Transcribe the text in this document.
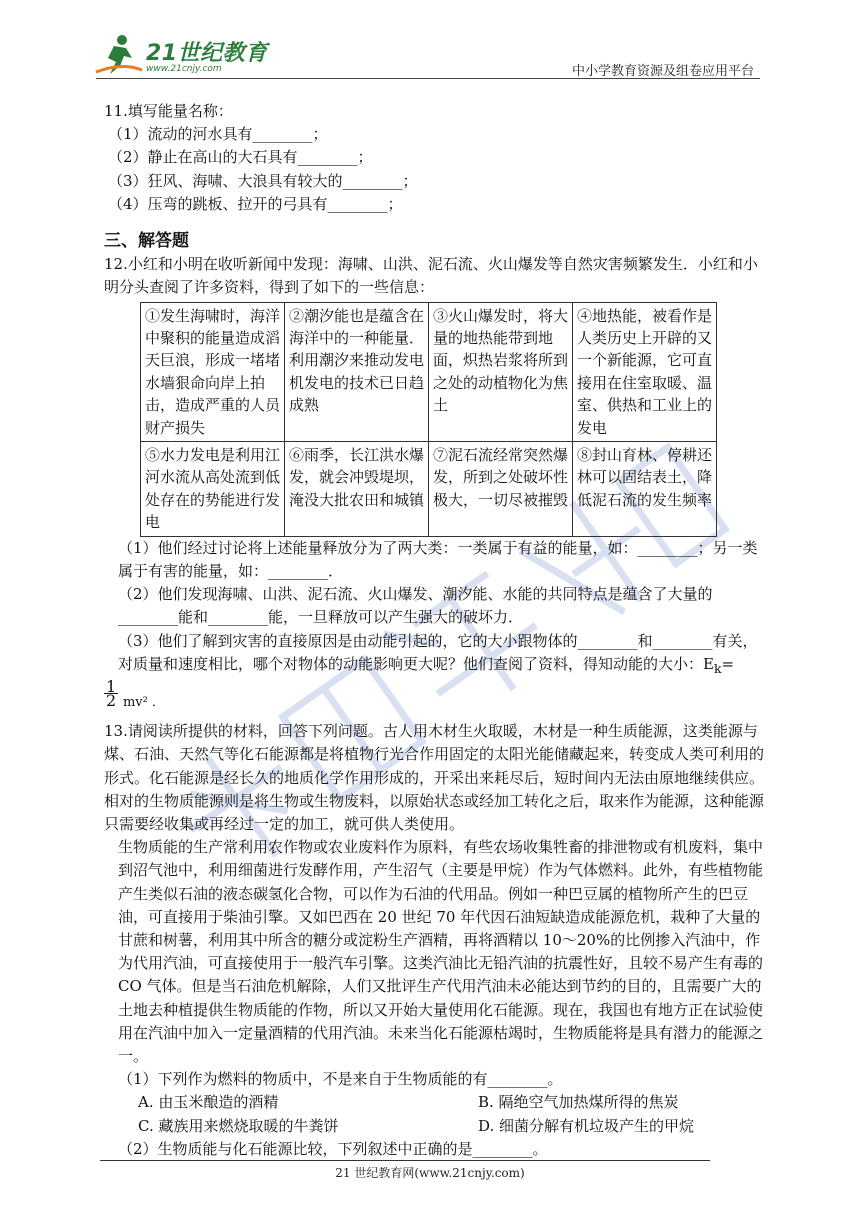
21世纪教育
www.21cnjy.com	中小学教育资源及组卷应用平台

11.填写能量名称：

（1）流动的河水具有________；

（2）静止在高山的大石具有________；

（3）狂风、海啸、大浪具有较大的________；

（4）压弯的跳板、拉开的弓具有________；

三、解答题

12.小红和小明在收听新闻中发现：海啸、山洪、泥石流、火山爆发等自然灾害频繁发生．小红和小明分头查阅了许多资料，得到了如下的一些信息：

①发生海啸时，海洋中聚积的能量造成滔天巨浪，形成一堵堵水墙狠命向岸上拍击，造成严重的人员财产损失	②潮汐能也是蕴含在海洋中的一种能量．利用潮汐来推动发电机发电的技术已日趋成熟	③火山爆发时，将大量的地热能带到地面，炽热岩浆将所到之处的动植物化为焦土	④地热能，被看作是人类历史上开辟的又一个新能源，它可直接用在住室取暖、温室、供热和工业上的发电
⑤水力发电是利用江河水流从高处流到低处存在的势能进行发电	⑥雨季，长江洪水爆发，就会冲毁堤坝，淹没大批农田和城镇	⑦泥石流经常突然爆发，所到之处破坏性极大，一切尽被摧毁	⑧封山育林、停耕还林可以固结表土，降低泥石流的发生频率

（1）他们经过讨论将上述能量释放分为了两大类：一类属于有益的能量，如：________；另一类属于有害的能量，如：________．

（2）他们发现海啸、山洪、泥石流、火山爆发、潮汐能、水能的共同特点是蕴含了大量的________能和________能，一旦释放可以产生强大的破坏力．

（3）他们了解到灾害的直接原因是由动能引起的，它的大小跟物体的________和________有关，对质量和速度相比，哪个对物体的动能影响更大呢？他们查阅了资料，得知动能的大小：$E_k=$

$\frac{1}{2} mv^2$ ．

13.请阅读所提供的材料，回答下列问题。古人用木材生火取暖，木材是一种生质能源，这类能源与煤、石油、天然气等化石能源都是将植物行光合作用固定的太阳光能储藏起来，转变成人类可利用的形式。化石能源是经长久的地质化学作用形成的，开采出来耗尽后，短时间内无法由原地继续供应。相对的生物质能源则是将生物或生物废料，以原始状态或经加工转化之后，取来作为能源，这种能源只需要经收集或再经过一定的加工，就可供人类使用。

生物质能的生产常利用农作物或农业废料作为原料，有些农场收集牲畜的排泄物或有机废料，集中到沼气池中，利用细菌进行发酵作用，产生沼气（主要是甲烷）作为气体燃料。此外，有些植物能产生类似石油的液态碳氢化合物，可以作为石油的代用品。例如一种巴豆属的植物所产生的巴豆油，可直接用于柴油引擎。又如巴西在 20 世纪 70 年代因石油短缺造成能源危机，栽种了大量的甘蔗和树薯，利用其中所含的糖分或淀粉生产酒精，再将酒精以 10～20%的比例掺入汽油中，作为代用汽油，可直接使用于一般汽车引擎。这类汽油比无铅汽油的抗震性好，且较不易产生有毒的 CO 气体。但是当石油危机解除，人们又批评生产代用汽油未必能达到节约的目的，且需要广大的土地去种植提供生物质能的作物，所以又开始大量使用化石能源。现在，我国也有地方正在试验使用在汽油中加入一定量酒精的代用汽油。未来当化石能源枯竭时，生物质能将是具有潜力的能源之一。

（1）下列作为燃料的物质中，不是来自于生物质能的有________。

A. 由玉米酿造的酒精	B. 隔绝空气加热煤所得的焦炭
C. 藏族用来燃烧取暖的牛粪饼	D. 细菌分解有机垃圾产生的甲烷

（2）生物质能与化石能源比较，下列叙述中正确的是________。

21 世纪教育网(www.21cnjy.com)
